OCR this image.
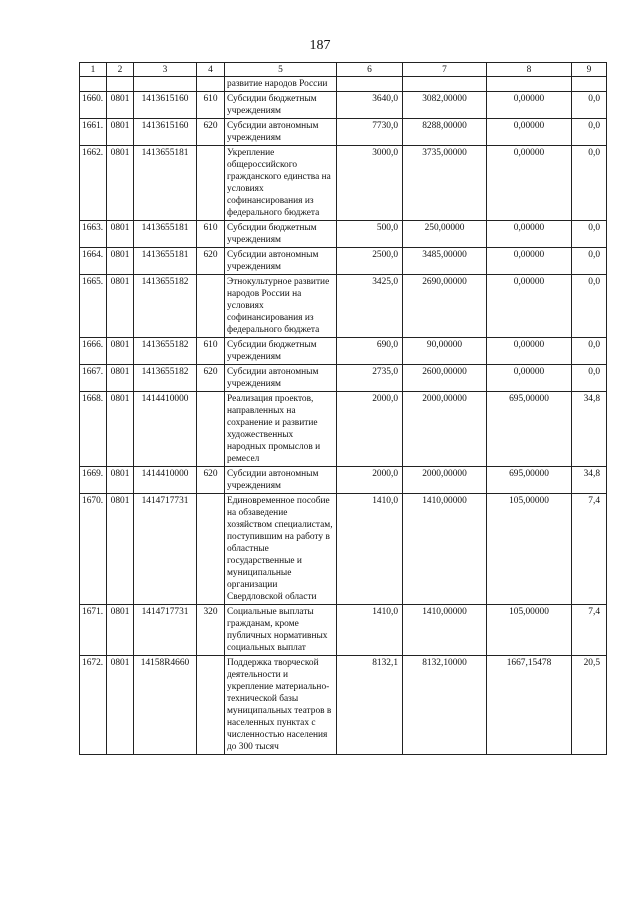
187
1	2	3	4	5	6	7	8	9
				развитие народов России				
1660.	0801	1413615160	610	Субсидии бюджетным учреждениям	3640,0	3082,00000	0,00000	0,0
1661.	0801	1413615160	620	Субсидии автономным учреждениям	7730,0	8288,00000	0,00000	0,0
1662.	0801	1413655181		Укрепление общероссийского гражданского единства на условиях софинансирования из федерального бюджета	3000,0	3735,00000	0,00000	0,0
1663.	0801	1413655181	610	Субсидии бюджетным учреждениям	500,0	250,00000	0,00000	0,0
1664.	0801	1413655181	620	Субсидии автономным учреждениям	2500,0	3485,00000	0,00000	0,0
1665.	0801	1413655182		Этнокультурное развитие народов России на условиях софинансирования из федерального бюджета	3425,0	2690,00000	0,00000	0,0
1666.	0801	1413655182	610	Субсидии бюджетным учреждениям	690,0	90,00000	0,00000	0,0
1667.	0801	1413655182	620	Субсидии автономным учреждениям	2735,0	2600,00000	0,00000	0,0
1668.	0801	1414410000		Реализация проектов, направленных на сохранение и развитие художественных народных промыслов и ремесел	2000,0	2000,00000	695,00000	34,8
1669.	0801	1414410000	620	Субсидии автономным учреждениям	2000,0	2000,00000	695,00000	34,8
1670.	0801	1414717731		Единовременное пособие на обзаведение хозяйством специалистам, поступившим на работу в областные государственные и муниципальные организации Свердловской области	1410,0	1410,00000	105,00000	7,4
1671.	0801	1414717731	320	Социальные выплаты гражданам, кроме публичных нормативных социальных выплат	1410,0	1410,00000	105,00000	7,4
1672.	0801	14158R4660		Поддержка творческой деятельности и укрепление материально-технической базы муниципальных театров в населенных пунктах с численностью населения до 300 тысяч	8132,1	8132,10000	1667,15478	20,5
